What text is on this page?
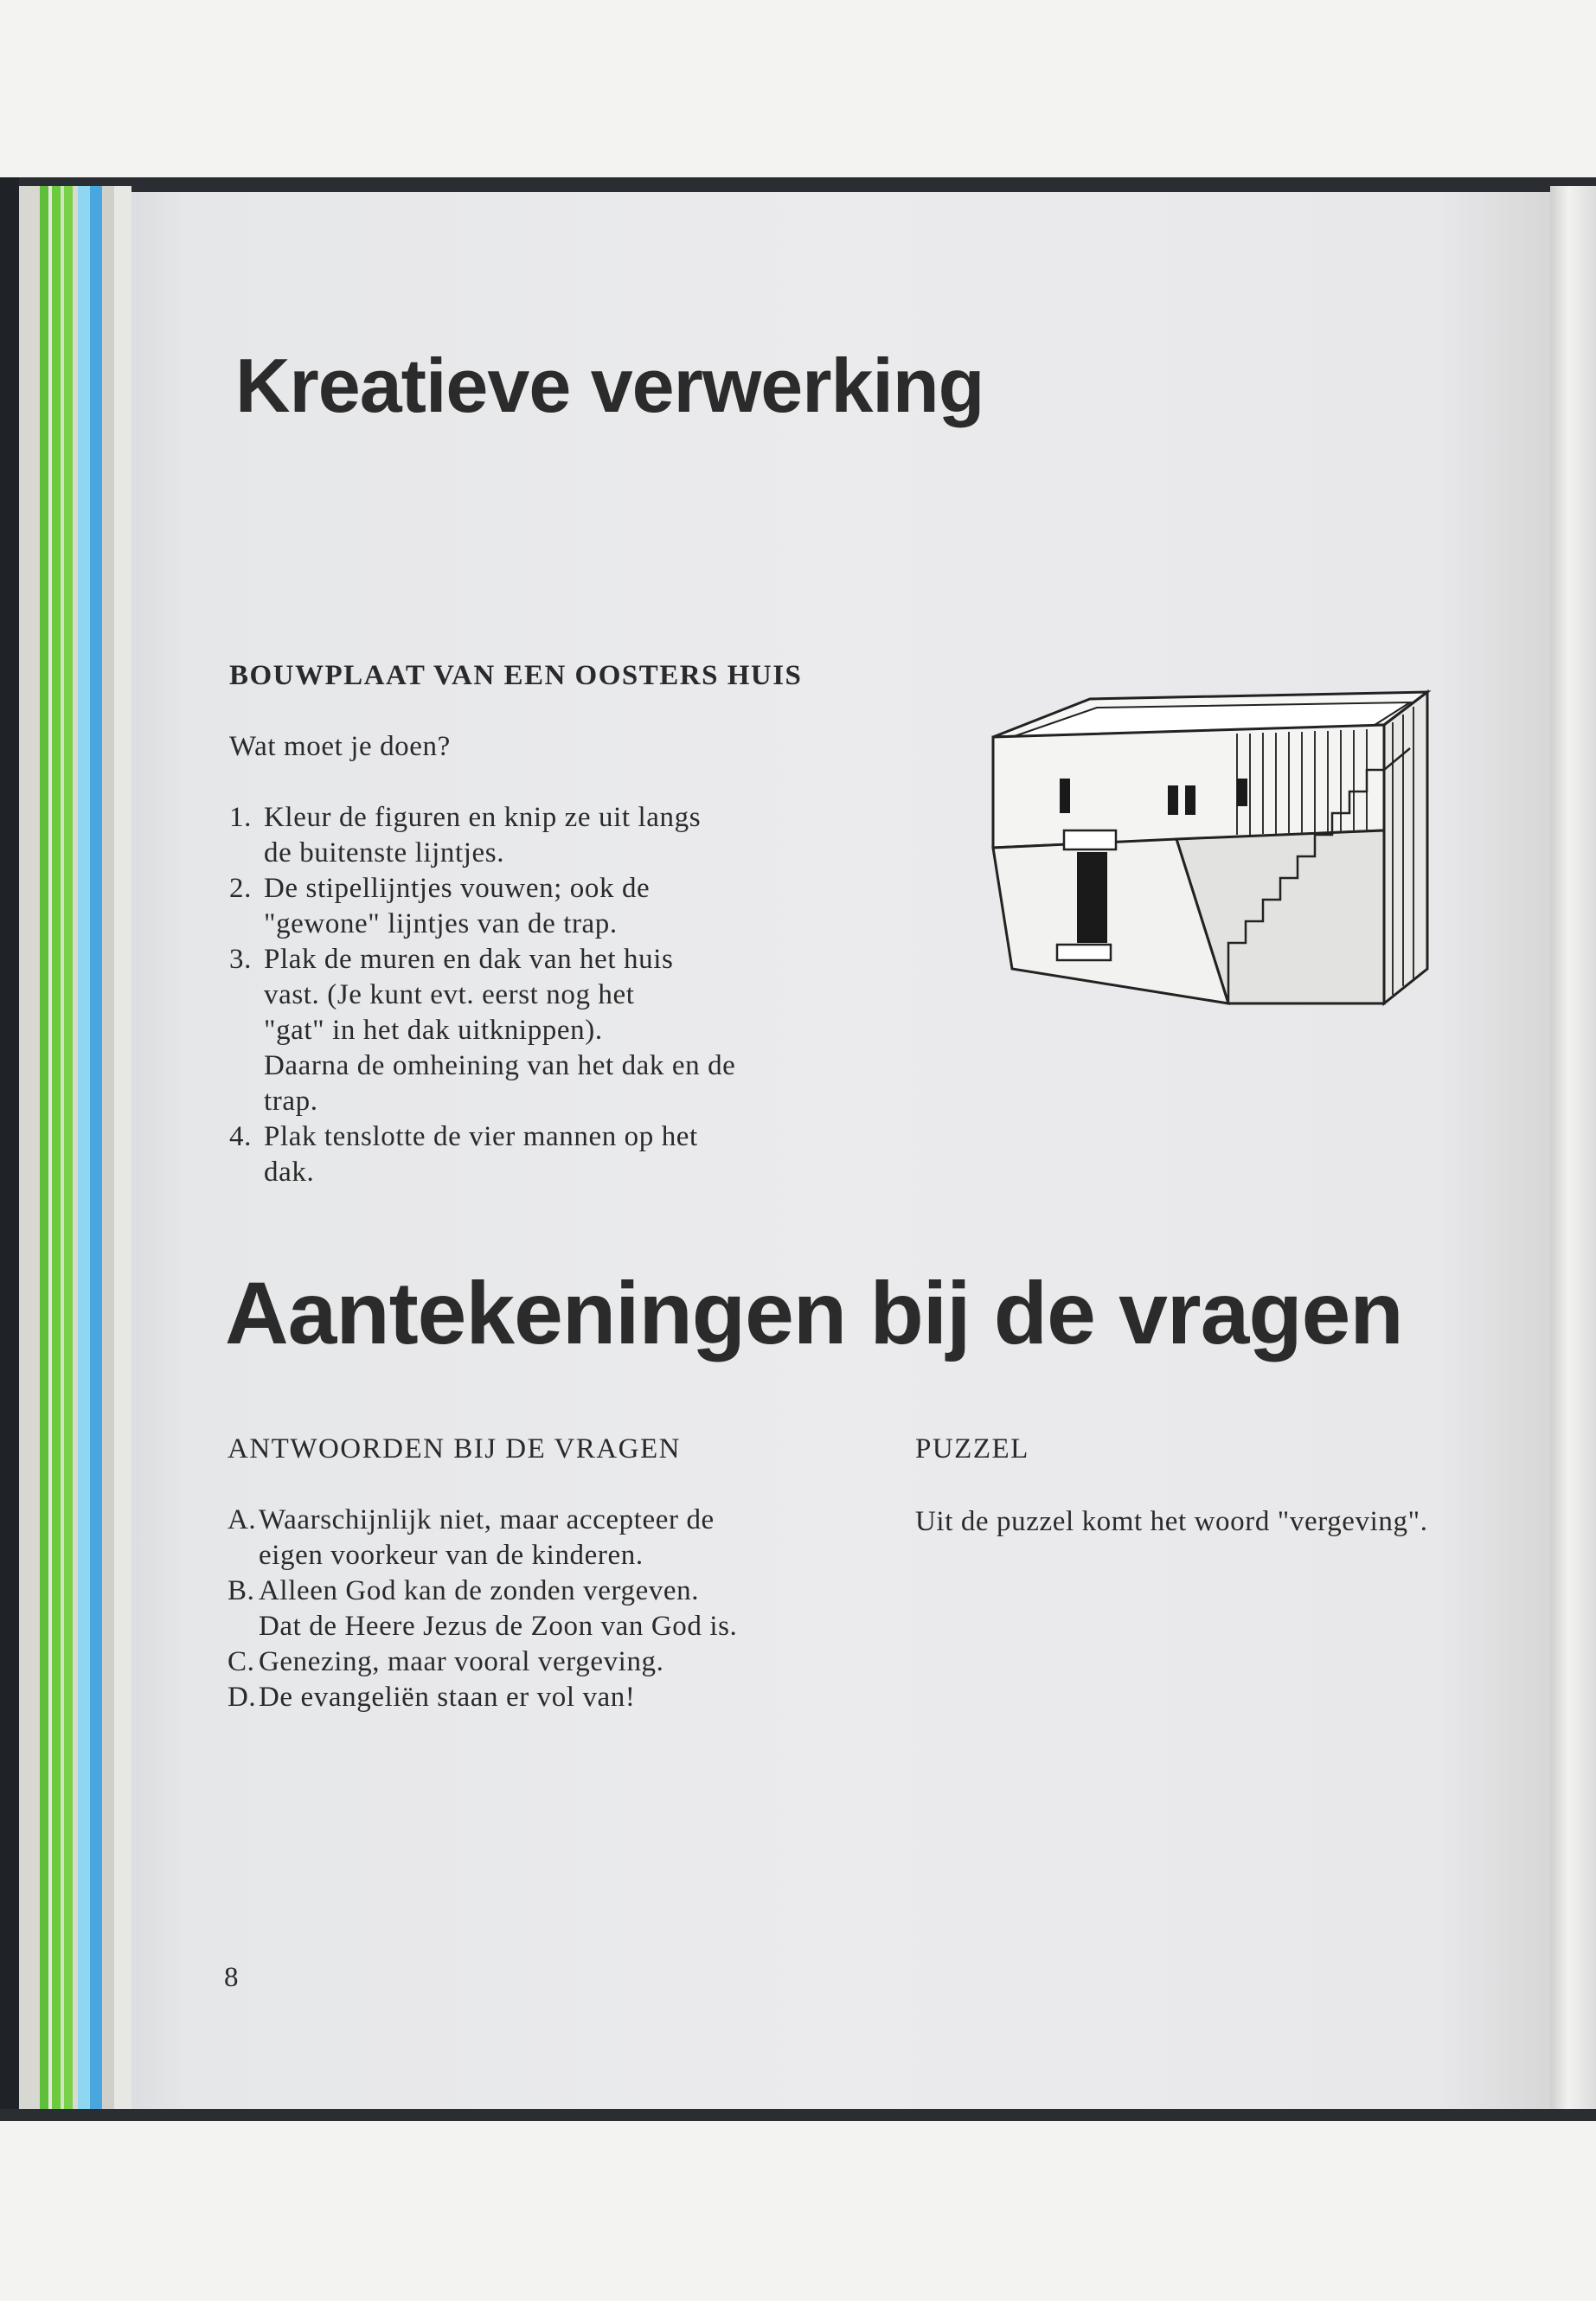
Kreatieve verwerking
BOUWPLAAT VAN EEN OOSTERS HUIS
Wat moet je doen?
1. Kleur de figuren en knip ze uit langs
de buitenste lijntjes.
2. De stipellijntjes vouwen; ook de
"gewone" lijntjes van de trap.
3. Plak de muren en dak van het huis
vast. (Je kunt evt. eerst nog het
"gat" in het dak uitknippen).
Daarna de omheining van het dak en de
trap.
4. Plak tenslotte de vier mannen op het
dak.
Aantekeningen bij de vragen
ANTWOORDEN BIJ DE VRAGEN	PUZZEL
A. Waarschijnlijk niet, maar accepteer de
eigen voorkeur van de kinderen.
B. Alleen God kan de zonden vergeven.
Dat de Heere Jezus de Zoon van God is.
C. Genezing, maar vooral vergeving.
D. De evangeliën staan er vol van!
Uit de puzzel komt het woord "vergeving".
8
